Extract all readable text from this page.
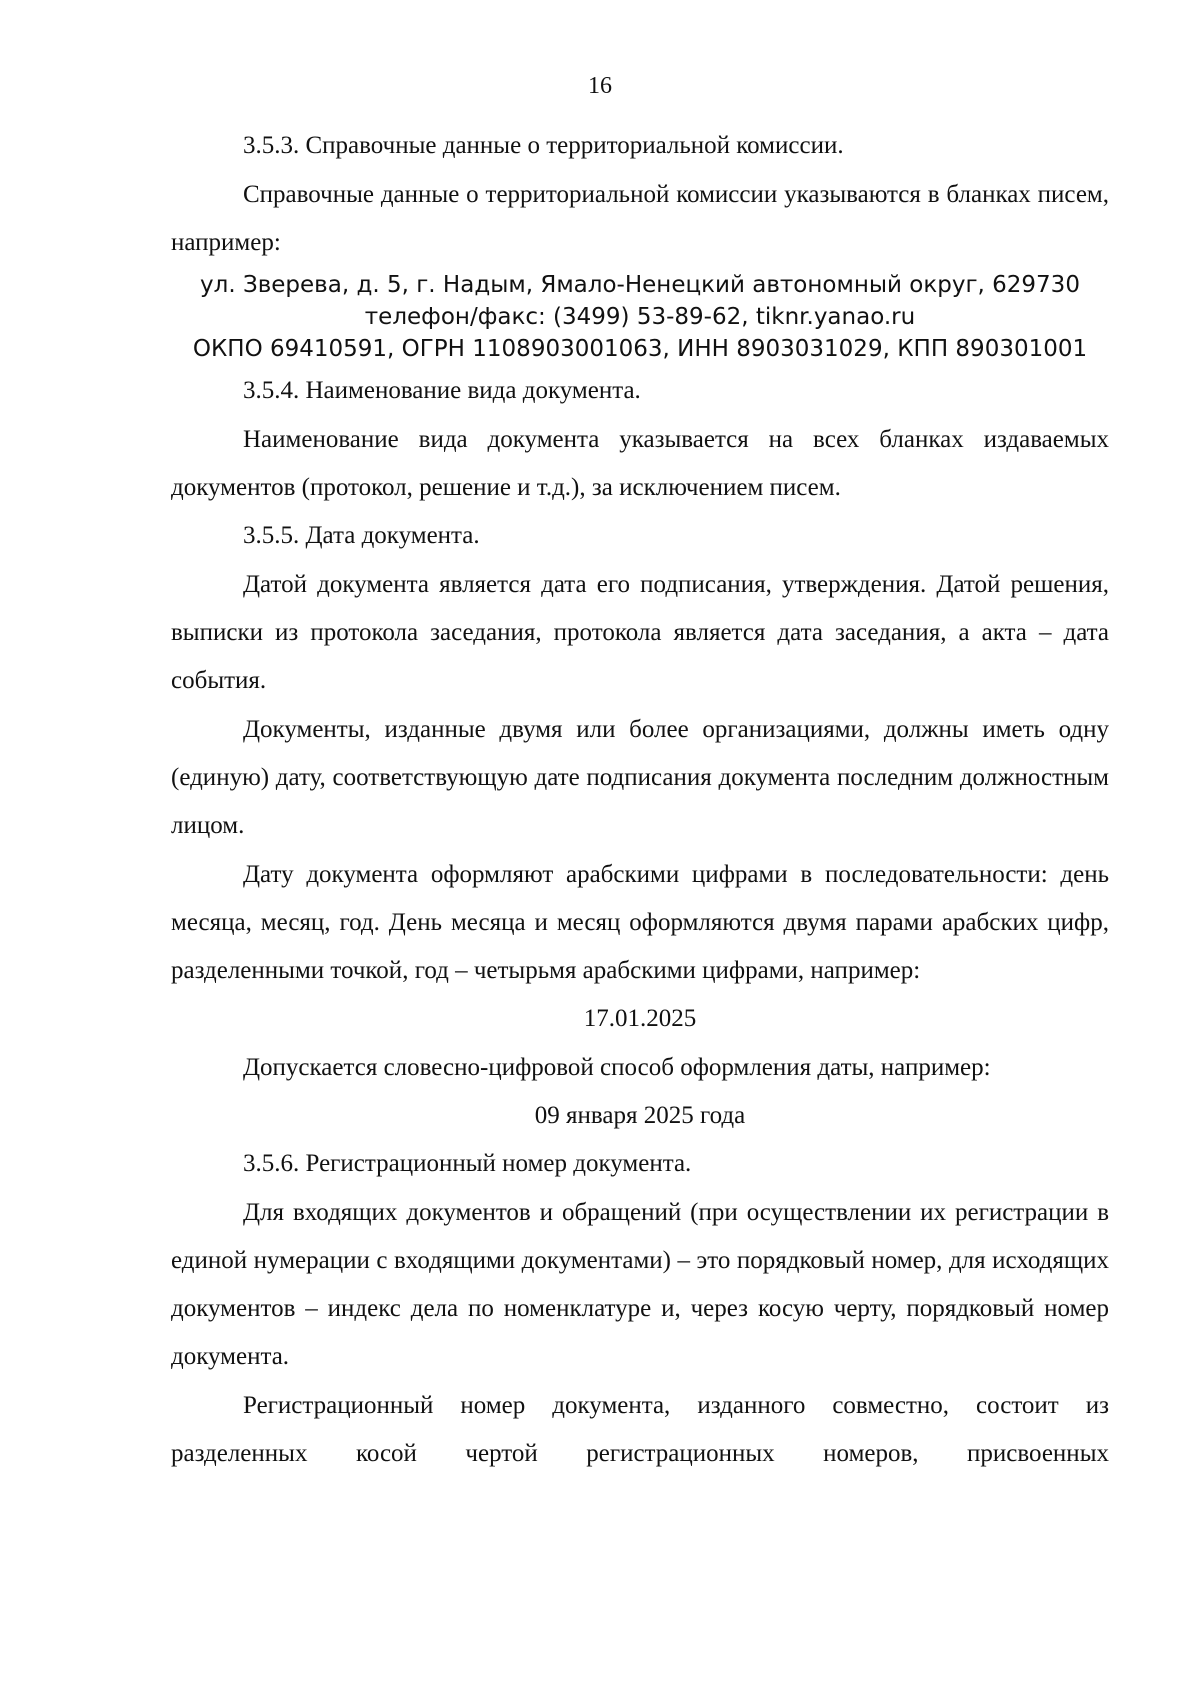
16

3.5.3. Справочные данные о территориальной комиссии.

Справочные данные о территориальной комиссии указываются в бланках писем, например:

ул. Зверева, д. 5, г. Надым, Ямало-Ненецкий автономный округ, 629730
телефон/факс: (3499) 53-89-62, tiknr.yanao.ru
ОКПО 69410591, ОГРН 1108903001063, ИНН 8903031029, КПП 890301001

3.5.4. Наименование вида документа.

Наименование вида документа указывается на всех бланках издаваемых документов (протокол, решение и т.д.), за исключением писем.

3.5.5. Дата документа.

Датой документа является дата его подписания, утверждения. Датой решения, выписки из протокола заседания, протокола является дата заседания, а акта – дата события.

Документы, изданные двумя или более организациями, должны иметь одну (единую) дату, соответствующую дате подписания документа последним должностным лицом.

Дату документа оформляют арабскими цифрами в последовательности: день месяца, месяц, год. День месяца и месяц оформляются двумя парами арабских цифр, разделенными точкой, год – четырьмя арабскими цифрами, например:

17.01.2025

Допускается словесно-цифровой способ оформления даты, например:

09 января 2025 года

3.5.6. Регистрационный номер документа.

Для входящих документов и обращений (при осуществлении их регистрации в единой нумерации с входящими документами) – это порядковый номер, для исходящих документов – индекс дела по номенклатуре и, через косую черту, порядковый номер документа.

Регистрационный номер документа, изданного совместно, состоит из разделенных косой чертой регистрационных номеров, присвоенных
